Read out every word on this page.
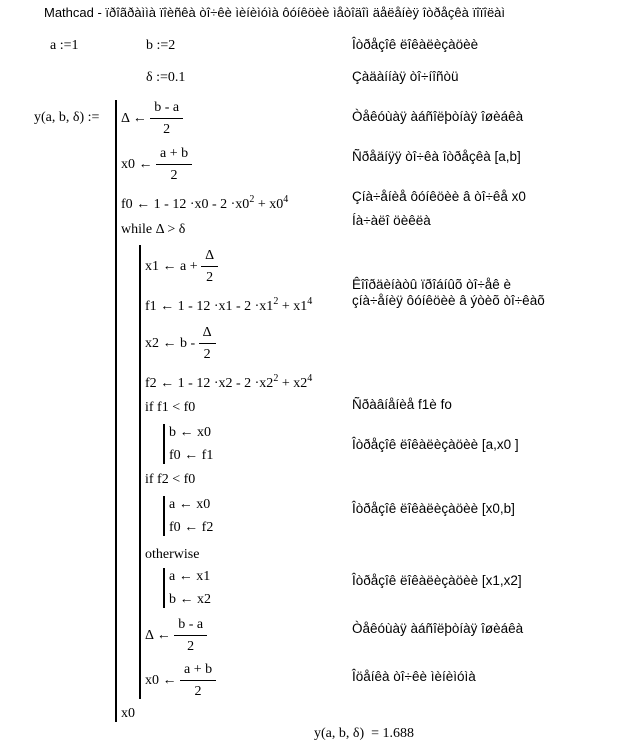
Mathcad - ïðîãðàììà ïîèñêà òî÷êè ìèíèìóìà ôóíêöèè ìåòîäîì äåëåíèÿ îòðåçêà ïîïîëàì
a :=1	b :=2
δ :=0.1
y(a, b, δ) := Δ ← $\frac{b - a}{2}$
x0 ← $\frac{a + b}{2}$
f0 ← $1 - 12 \cdot x0 - 2 \cdot x0^2 + x0^4$
while Δ > δ
x1 ← $a + \frac{\Delta}{2}$
f1 ← $1 - 12 \cdot x1 - 2 \cdot x1^2 + x1^4$
x2 ← b - $\frac{\Delta}{2}$
f2 ← $1 - 12 \cdot x2 - 2 \cdot x2^2 + x2^4$
if f1 < f0
b ← x0
f0 ← f1
if f2 < f0
a ← x0
f0 ← f2
otherwise
a ← x1
b ← x2
Δ ← $\frac{b - a}{2}$
x0 ← $\frac{a + b}{2}$
x0
y(a, b, δ) = 1.688
Îòðåçîê ëîêàëèçàöèè
Çàäàííàÿ òî÷íîñòü
Òåêóùàÿ àáñîëþòíàÿ îøèáêà
Ñðåäíÿÿ òî÷êà îòðåçêà [a,b]
Çíà÷åíèå ôóíêöèè â òî÷êå x0
Íà÷àëî öèêëà
Êîîðäèíàòû ïðîáíûõ òî÷åê è
çíà÷åíèÿ ôóíêöèè â ýòèõ òî÷êàõ
Ñðàâíåíèå f1è fo
Îòðåçîê ëîêàëèçàöèè [a,x0 ]
Îòðåçîê ëîêàëèçàöèè [x0,b]
Îòðåçîê ëîêàëèçàöèè [x1,x2]
Òåêóùàÿ àáñîëþòíàÿ îøèáêà
Îöåíêà òî÷êè ìèíèìóìà
